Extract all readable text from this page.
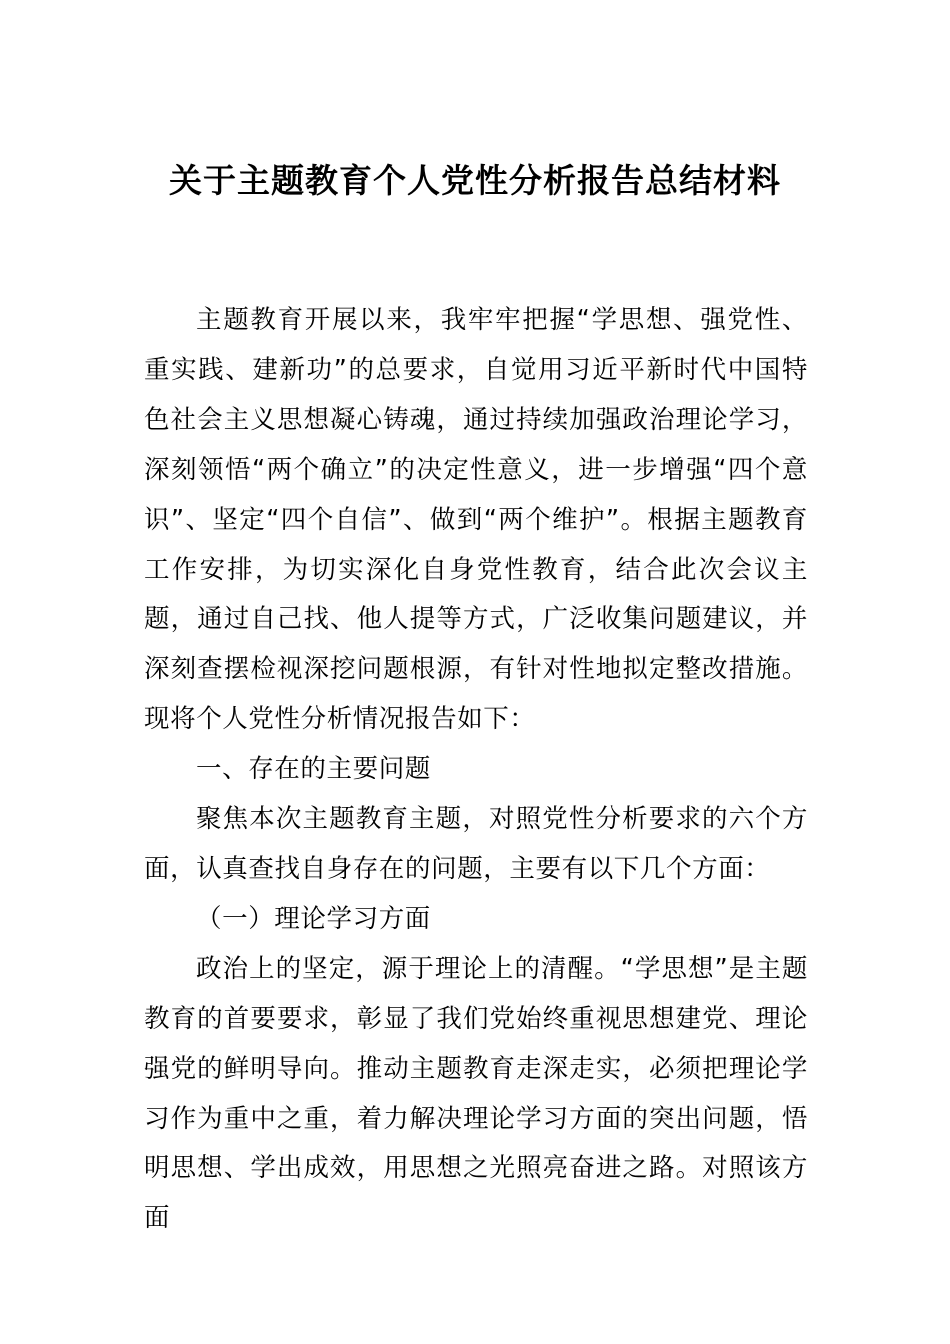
关于主题教育个人党性分析报告总结材料

主题教育开展以来，我牢牢把握“学思想、强党性、重实践、建新功”的总要求，自觉用习近平新时代中国特色社会主义思想凝心铸魂，通过持续加强政治理论学习，深刻领悟“两个确立”的决定性意义，进一步增强“四个意识”、坚定“四个自信”、做到“两个维护”。根据主题教育工作安排，为切实深化自身党性教育，结合此次会议主题，通过自己找、他人提等方式，广泛收集问题建议，并深刻查摆检视深挖问题根源，有针对性地拟定整改措施。现将个人党性分析情况报告如下：

一、存在的主要问题

聚焦本次主题教育主题，对照党性分析要求的六个方面，认真查找自身存在的问题，主要有以下几个方面：

（一）理论学习方面

政治上的坚定，源于理论上的清醒。“学思想”是主题教育的首要要求，彰显了我们党始终重视思想建党、理论强党的鲜明导向。推动主题教育走深走实，必须把理论学习作为重中之重，着力解决理论学习方面的突出问题，悟明思想、学出成效，用思想之光照亮奋进之路。对照该方面
